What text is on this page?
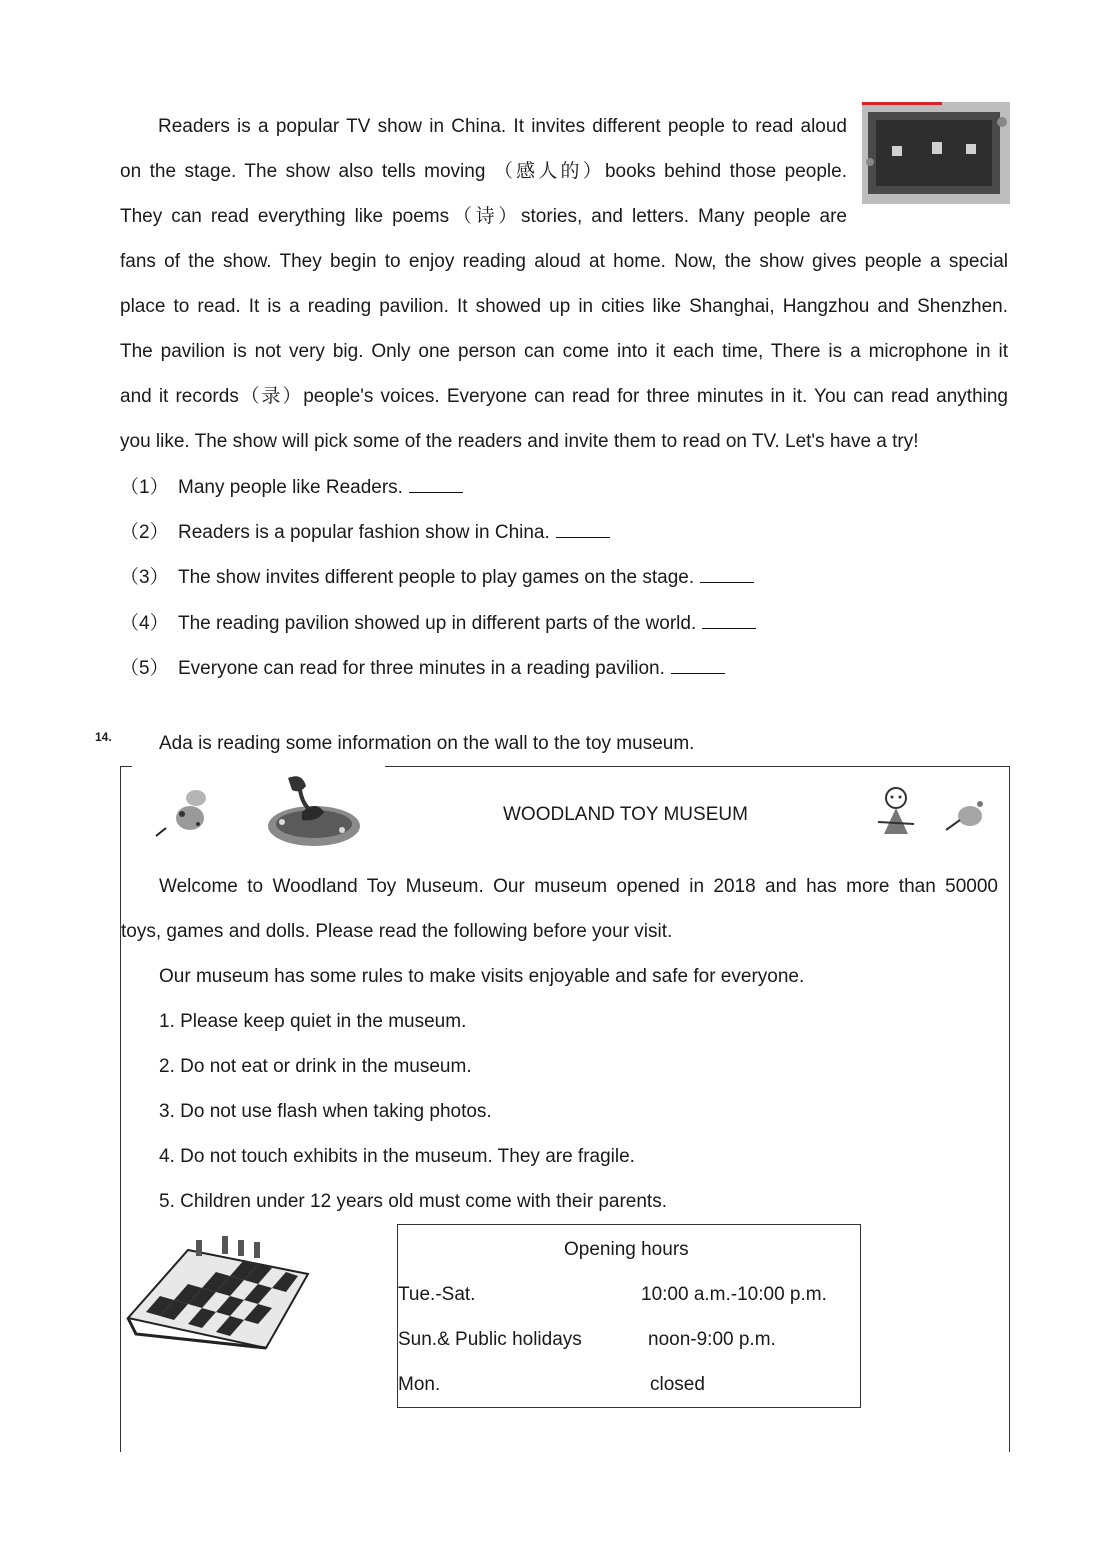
Readers is a popular TV show in China. It invites different people to read aloud
on the stage. The show also tells moving （感人的）books behind those people.
They can read everything like poems（诗）stories, and letters. Many people are
fans of the show. They begin to enjoy reading aloud at home. Now, the show gives people a special
place to read. It is a reading pavilion. It showed up in cities like Shanghai, Hangzhou and Shenzhen.
The pavilion is not very big. Only one person can come into it each time, There is a microphone in it
and it records（录）people's voices. Everyone can read for three minutes in it. You can read anything
you like. The show will pick some of the readers and invite them to read on TV. Let's have a try!
（1） Many people like Readers.
（2） Readers is a popular fashion show in China.
（3） The show invites different people to play games on the stage.
（4） The reading pavilion showed up in different parts of the world.
（5） Everyone can read for three minutes in a reading pavilion.
14. Ada is reading some information on the wall to the toy museum.
WOODLAND TOY MUSEUM
Welcome to Woodland Toy Museum. Our museum opened in 2018 and has more than 50000
toys, games and dolls. Please read the following before your visit.
Our museum has some rules to make visits enjoyable and safe for everyone.
1. Please keep quiet in the museum.
2. Do not eat or drink in the museum.
3. Do not use flash when taking photos.
4. Do not touch exhibits in the museum. They are fragile.
5. Children under 12 years old must come with their parents.
Opening hours
Tue.-Sat.	10:00 a.m.-10:00 p.m.
Sun.& Public holidays	noon-9:00 p.m.
Mon.	closed
